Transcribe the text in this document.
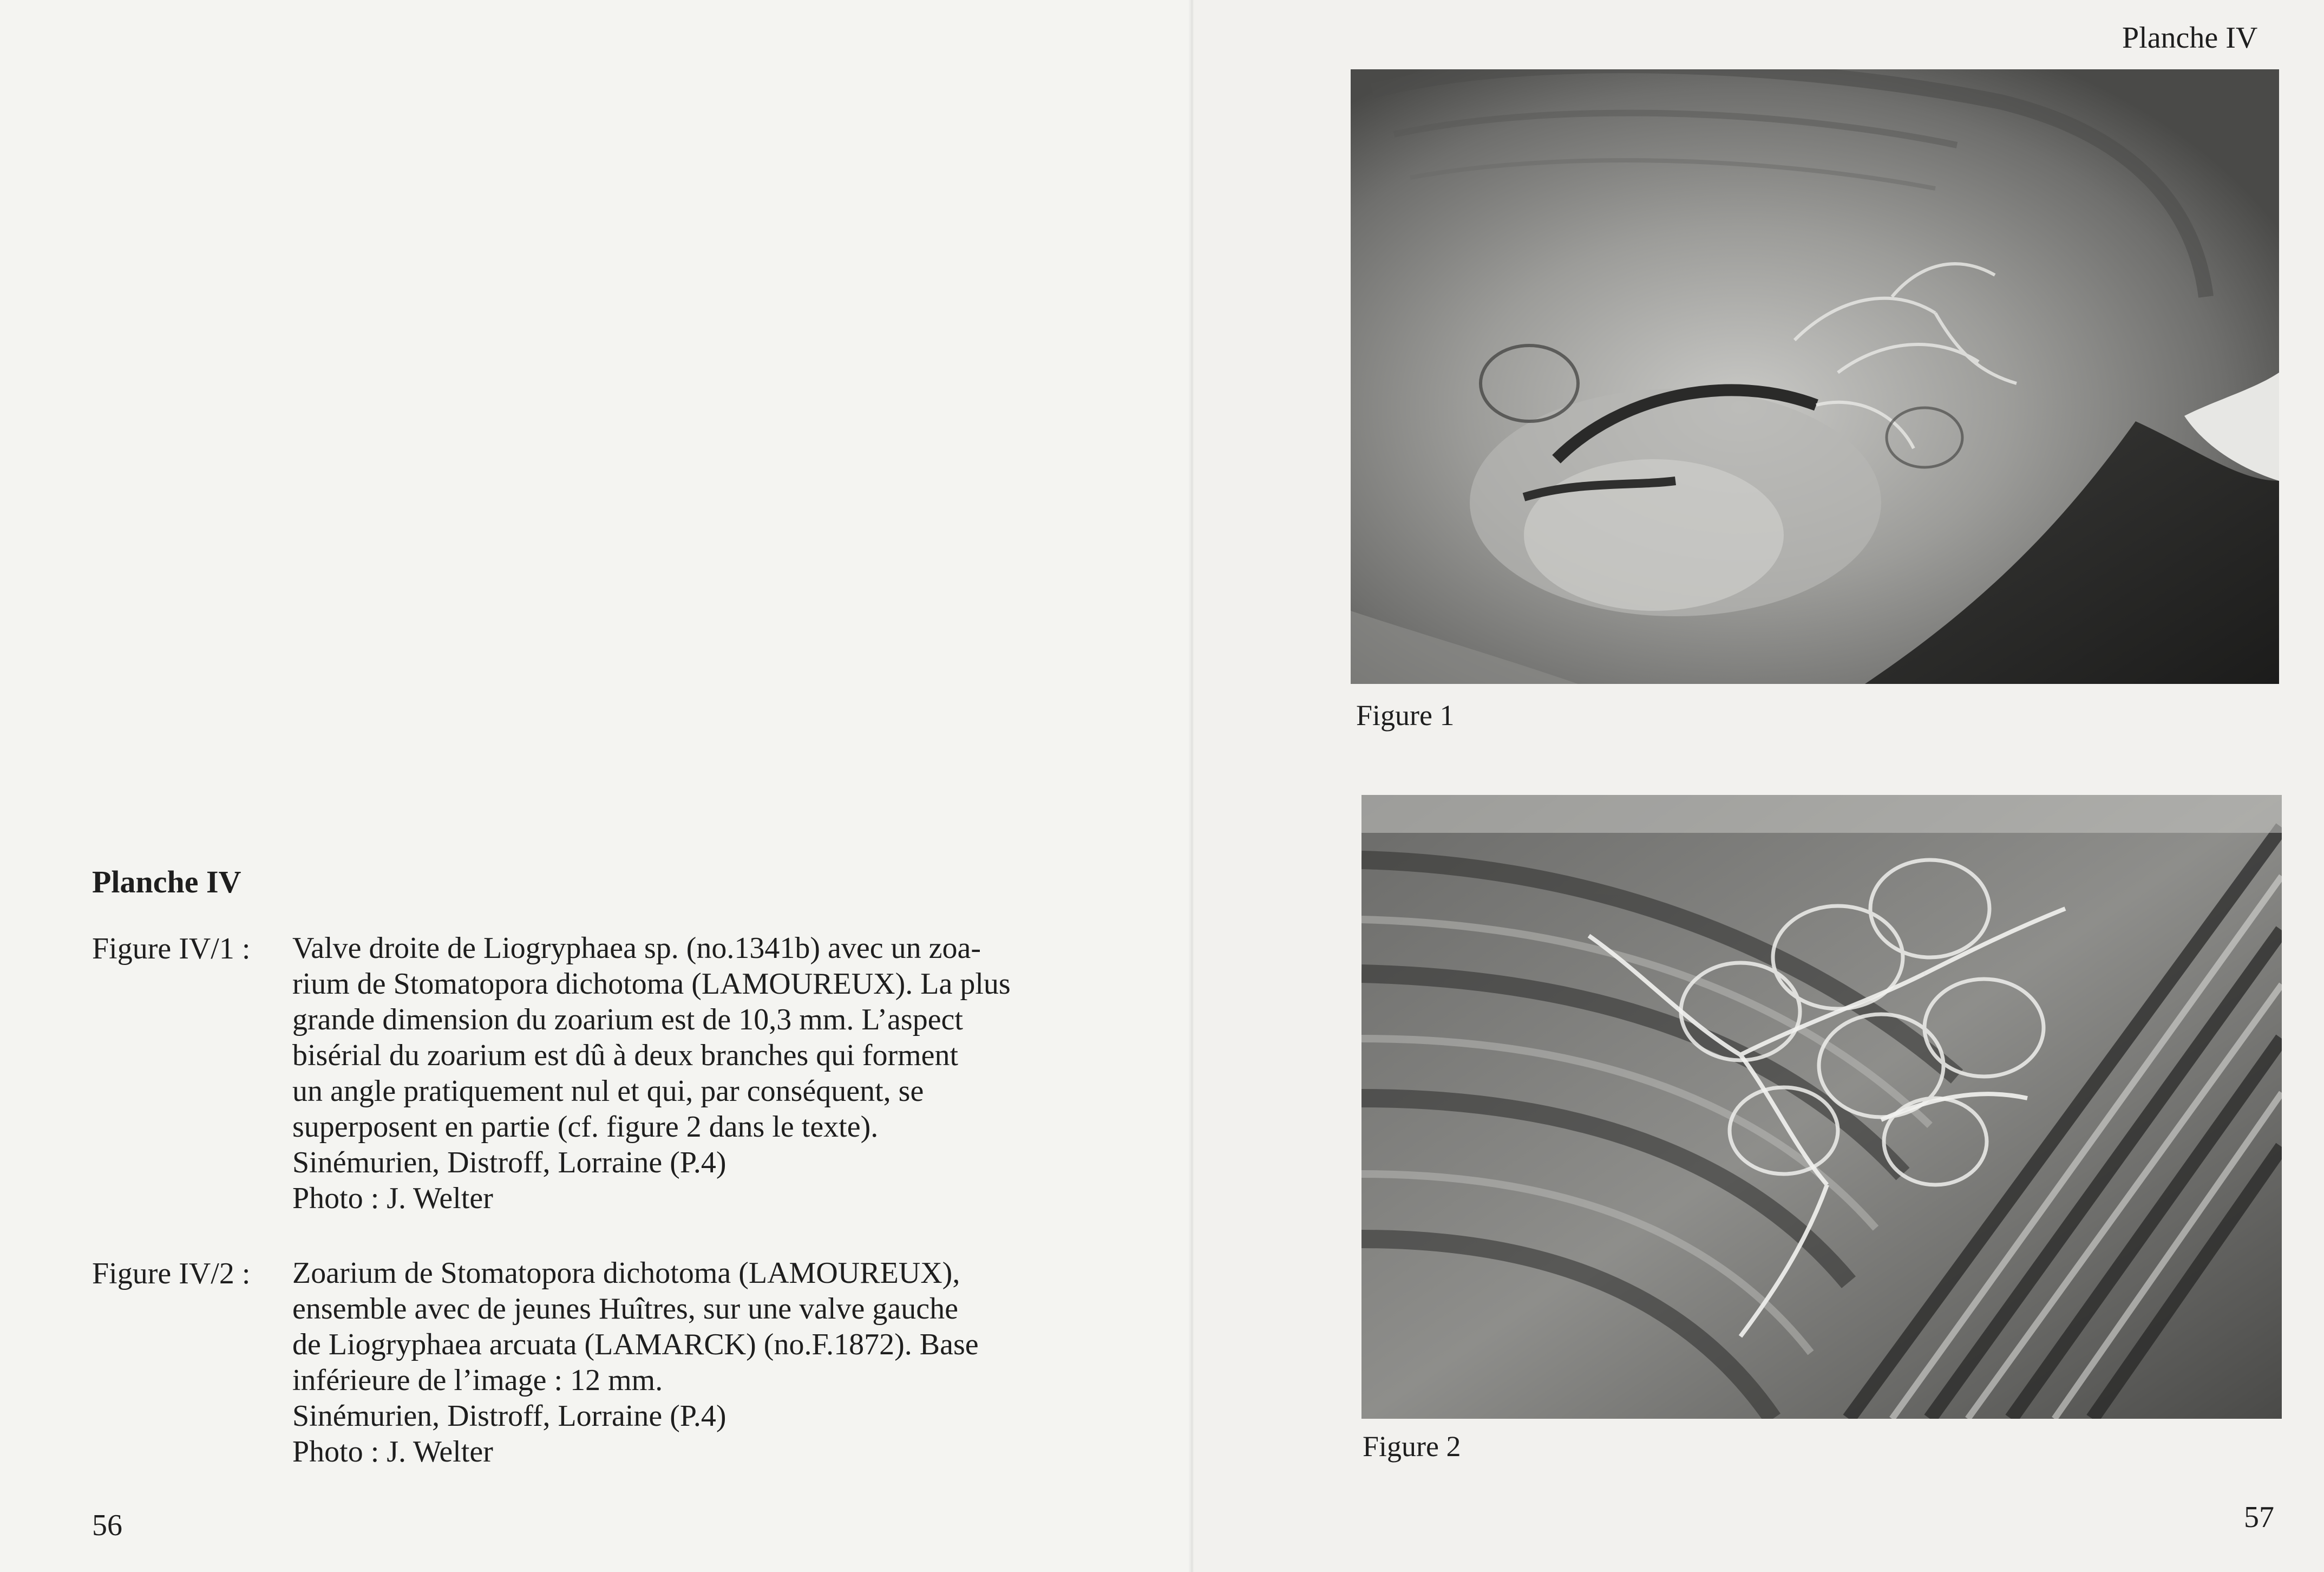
Planche IV
Figure IV/1 : Valve droite de Liogryphaea sp. (no.1341b) avec un zoa-

rium de Stomatopora dichotoma (LAMOUREUX). La plus

grande dimension du zoarium est de 10,3 mm. L’aspect

bisérial du zoarium est dû à deux branches qui forment

un angle pratiquement nul et qui, par conséquent, se

superposent en partie (cf. figure 2 dans le texte).

Sinémurien, Distroff, Lorraine (P.4)

Photo : J. Welter

Figure IV/2 : Zoarium de Stomatopora dichotoma (LAMOUREUX),

ensemble avec de jeunes Huîtres, sur une valve gauche

de Liogryphaea arcuata (LAMARCK) (no.F.1872). Base

inférieure de l’image : 12 mm.

Sinémurien, Distroff, Lorraine (P.4)

Photo : J. Welter

56
Planche IV
Figure 1
Figure 2
57
